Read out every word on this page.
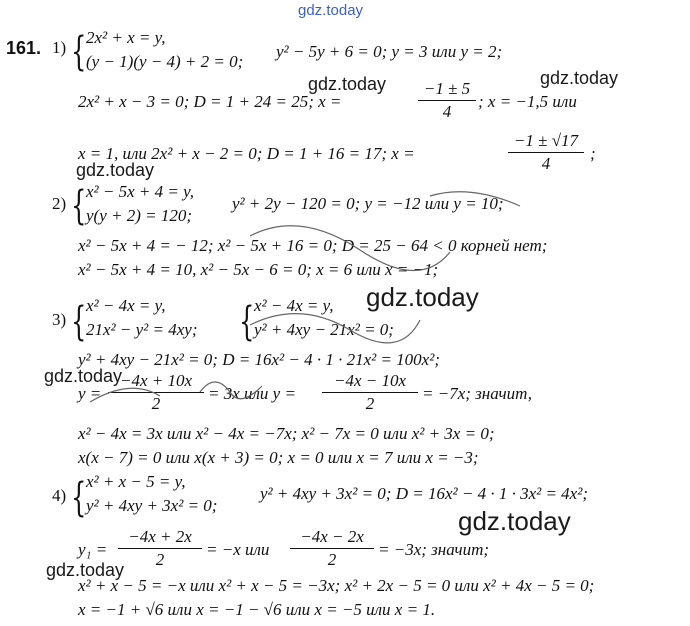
gdz.today
gdz.today	gdz.today
gdz.today
gdz.today
gdz.today
gdz.today
gdz.today
161. 1) { 2x² + x = y,
(y − 1)(y − 4) + 2 = 0;
y² − 5y + 6 = 0; y = 3 или y = 2;
2x² + x − 3 = 0; D = 1 + 24 = 25; x =
−1 ± 5
4
; x = −1,5 или
x = 1, или 2x² + x − 2 = 0; D = 1 + 16 = 17; x =
−1 ± √17
4
;
2) { x² − 5x + 4 = y,
y(y + 2) = 120;
y² + 2y − 120 = 0; y = −12 или y = 10;
x² − 5x + 4 = − 12; x² − 5x + 16 = 0; D = 25 − 64 < 0 корней нет;
x² − 5x + 4 = 10, x² − 5x − 6 = 0; x = 6 или x = −1;
3) { x² − 4x = y,
21x² − y² = 4xy; { x² − 4x = y,
y² + 4xy − 21x² = 0;
y² + 4xy − 21x² = 0; D = 16x² − 4 · 1 · 21x² = 100x²;
y =
−4x + 10x
2
= 3x или y =
−4x − 10x
2
= −7x; значит,
x² − 4x = 3x или x² − 4x = −7x; x² − 7x = 0 или x² + 3x = 0;
x(x − 7) = 0 или x(x + 3) = 0; x = 0 или x = 7 или x = −3;
4) { x² + x − 5 = y,
y² + 4xy + 3x² = 0;
y² + 4xy + 3x² = 0; D = 16x² − 4 · 1 · 3x² = 4x²;
y₁ =
−4x + 2x
2
= −x или
−4x − 2x
2
= −3x; значит;
x² + x − 5 = −x или x² + x − 5 = −3x; x² + 2x − 5 = 0 или x² + 4x − 5 = 0;
x = −1 + √6 или x = −1 − √6 или x = −5 или x = 1.
